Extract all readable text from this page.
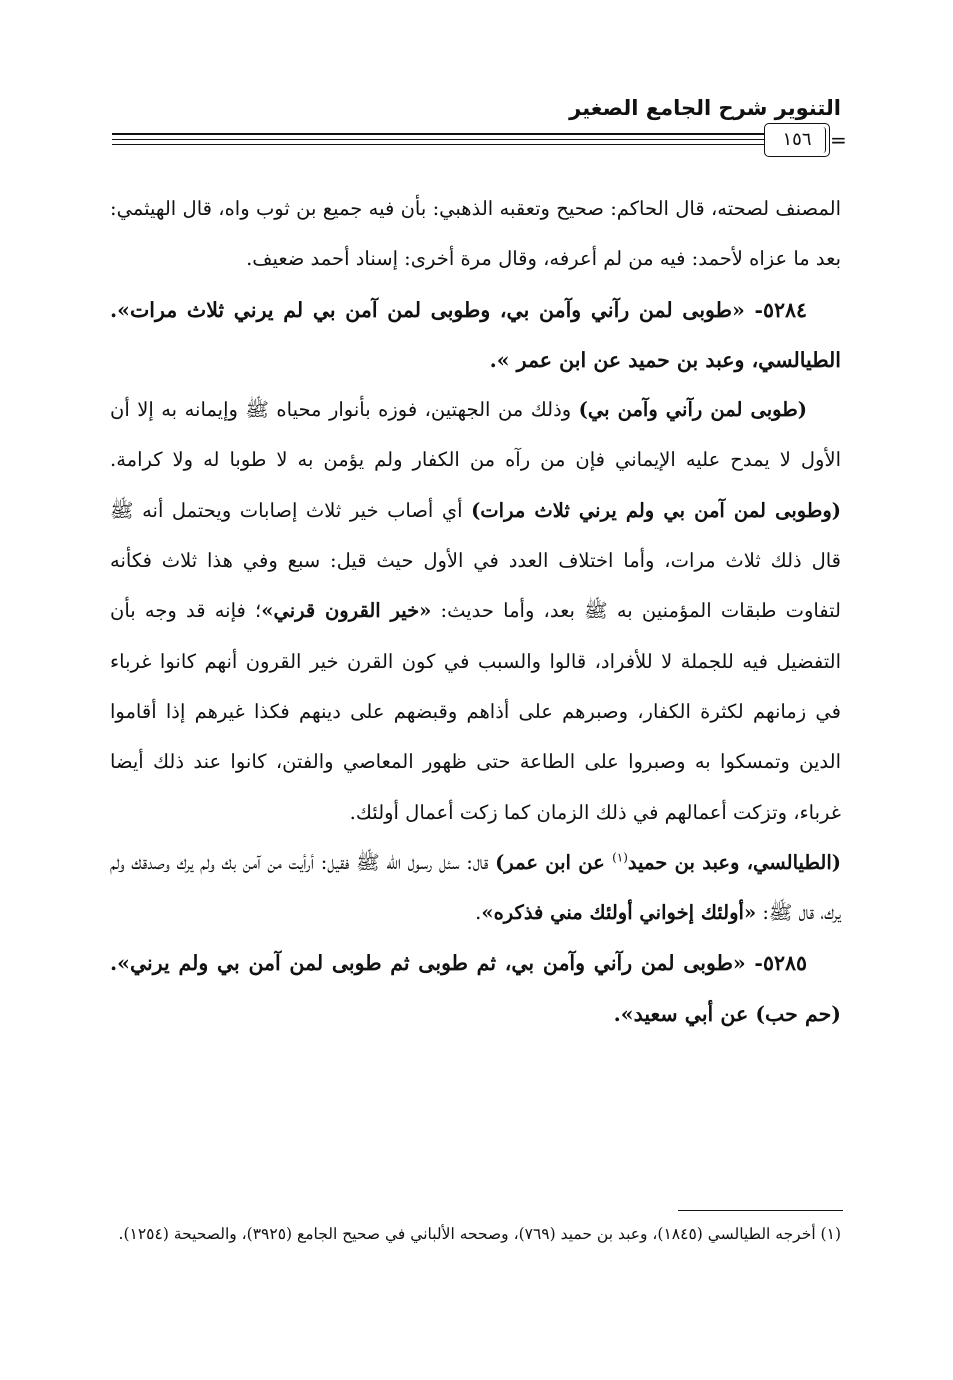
التنوير شرح الجامع الصغير
١٥٦ =

المصنف لصحته، قال الحاكم: صحيح وتعقبه الذهبي: بأن فيه جميع بن ثوب واه، قال الهيثمي: بعد ما عزاه لأحمد: فيه من لم أعرفه، وقال مرة أخرى: إسناد أحمد ضعيف.

٥٢٨٤- «طوبى لمن رآني وآمن بي، وطوبى لمن آمن بي لم يرني ثلاث مرات». الطيالسي، وعبد بن حميد عن ابن عمر ».

(طوبى لمن رآني وآمن بي) وذلك من الجهتين، فوزه بأنوار محياه ﷺ وإيمانه به إلا أن الأول لا يمدح عليه الإيماني فإن من رآه من الكفار ولم يؤمن به لا طوبا له ولا كرامة. (وطوبى لمن آمن بي ولم يرني ثلاث مرات) أي أصاب خير ثلاث إصابات ويحتمل أنه ﷺ قال ذلك ثلاث مرات، وأما اختلاف العدد في الأول حيث قيل: سبع وفي هذا ثلاث فكأنه لتفاوت طبقات المؤمنين به ﷺ بعد، وأما حديث: «خير القرون قرني»؛ فإنه قد وجه بأن التفضيل فيه للجملة لا للأفراد، قالوا والسبب في كون القرن خير القرون أنهم كانوا غرباء في زمانهم لكثرة الكفار، وصبرهم على أذاهم وقبضهم على دينهم فكذا غيرهم إذا أقاموا الدين وتمسكوا به وصبروا على الطاعة حتى ظهور المعاصي والفتن، كانوا عند ذلك أيضا غرباء، وتزكت أعمالهم في ذلك الزمان كما زكت أعمال أولئك.

(الطيالسي، وعبد بن حميد$^{(١)}$ عن ابن عمر) قال: سئل رسول الله ﷺ فقيل: أرأيت من آمن بك ولم يرك وصدقك ولم يرك، قال ﷺ: «أولئك إخواني أولئك مني فذكره».

٥٢٨٥- «طوبى لمن رآني وآمن بي، ثم طوبى ثم طوبى لمن آمن بي ولم يرني». (حم حب) عن أبي سعيد».

(١) أخرجه الطيالسي (١٨٤٥)، وعبد بن حميد (٧٦٩)، وصححه الألباني في صحيح الجامع (٣٩٢٥)، والصحيحة (١٢٥٤).
